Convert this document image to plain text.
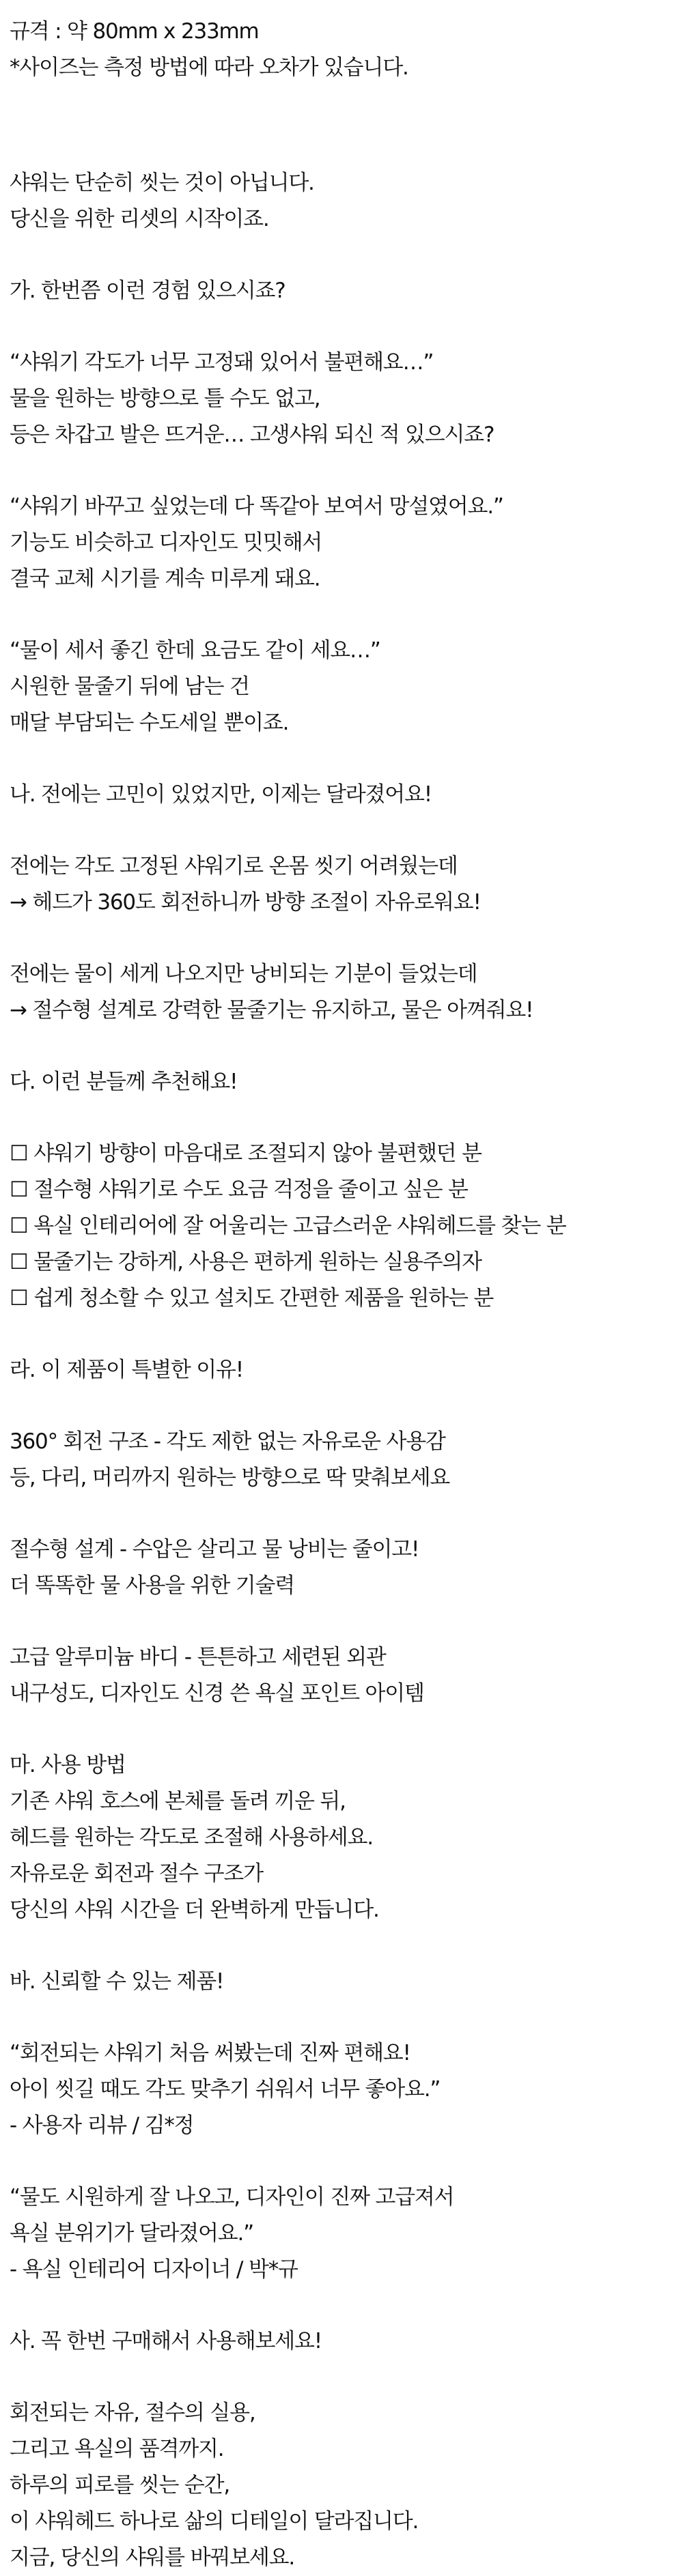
규격 : 약 80mm x 233mm
*사이즈는 측정 방법에 따라 오차가 있습니다.
샤워는 단순히 씻는 것이 아닙니다.
당신을 위한 리셋의 시작이죠.
가. 한번쯤 이런 경험 있으시죠?
“샤워기 각도가 너무 고정돼 있어서 불편해요…”
물을 원하는 방향으로 틀 수도 없고,
등은 차갑고 발은 뜨거운… 고생샤워 되신 적 있으시죠?
“샤워기 바꾸고 싶었는데 다 똑같아 보여서 망설였어요.”
기능도 비슷하고 디자인도 밋밋해서
결국 교체 시기를 계속 미루게 돼요.
“물이 세서 좋긴 한데 요금도 같이 세요…”
시원한 물줄기 뒤에 남는 건
매달 부담되는 수도세일 뿐이죠.
나. 전에는 고민이 있었지만, 이제는 달라졌어요!
전에는 각도 고정된 샤워기로 온몸 씻기 어려웠는데
→ 헤드가 360도 회전하니까 방향 조절이 자유로워요!
전에는 물이 세게 나오지만 낭비되는 기분이 들었는데
→ 절수형 설계로 강력한 물줄기는 유지하고, 물은 아껴줘요!
다. 이런 분들께 추천해요!
☐ 샤워기 방향이 마음대로 조절되지 않아 불편했던 분
☐ 절수형 샤워기로 수도 요금 걱정을 줄이고 싶은 분
☐ 욕실 인테리어에 잘 어울리는 고급스러운 샤워헤드를 찾는 분
☐ 물줄기는 강하게, 사용은 편하게 원하는 실용주의자
☐ 쉽게 청소할 수 있고 설치도 간편한 제품을 원하는 분
라. 이 제품이 특별한 이유!
360° 회전 구조 - 각도 제한 없는 자유로운 사용감
등, 다리, 머리까지 원하는 방향으로 딱 맞춰보세요
절수형 설계 - 수압은 살리고 물 낭비는 줄이고!
더 똑똑한 물 사용을 위한 기술력
고급 알루미늄 바디 - 튼튼하고 세련된 외관
내구성도, 디자인도 신경 쓴 욕실 포인트 아이템
마. 사용 방법
기존 샤워 호스에 본체를 돌려 끼운 뒤,
헤드를 원하는 각도로 조절해 사용하세요.
자유로운 회전과 절수 구조가
당신의 샤워 시간을 더 완벽하게 만듭니다.
바. 신뢰할 수 있는 제품!
“회전되는 샤워기 처음 써봤는데 진짜 편해요!
아이 씻길 때도 각도 맞추기 쉬워서 너무 좋아요.”
- 사용자 리뷰 / 김*정
“물도 시원하게 잘 나오고, 디자인이 진짜 고급져서
욕실 분위기가 달라졌어요.”
- 욕실 인테리어 디자이너 / 박*규
사. 꼭 한번 구매해서 사용해보세요!
회전되는 자유, 절수의 실용,
그리고 욕실의 품격까지.
하루의 피로를 씻는 순간,
이 샤워헤드 하나로 삶의 디테일이 달라집니다.
지금, 당신의 샤워를 바꿔보세요.
